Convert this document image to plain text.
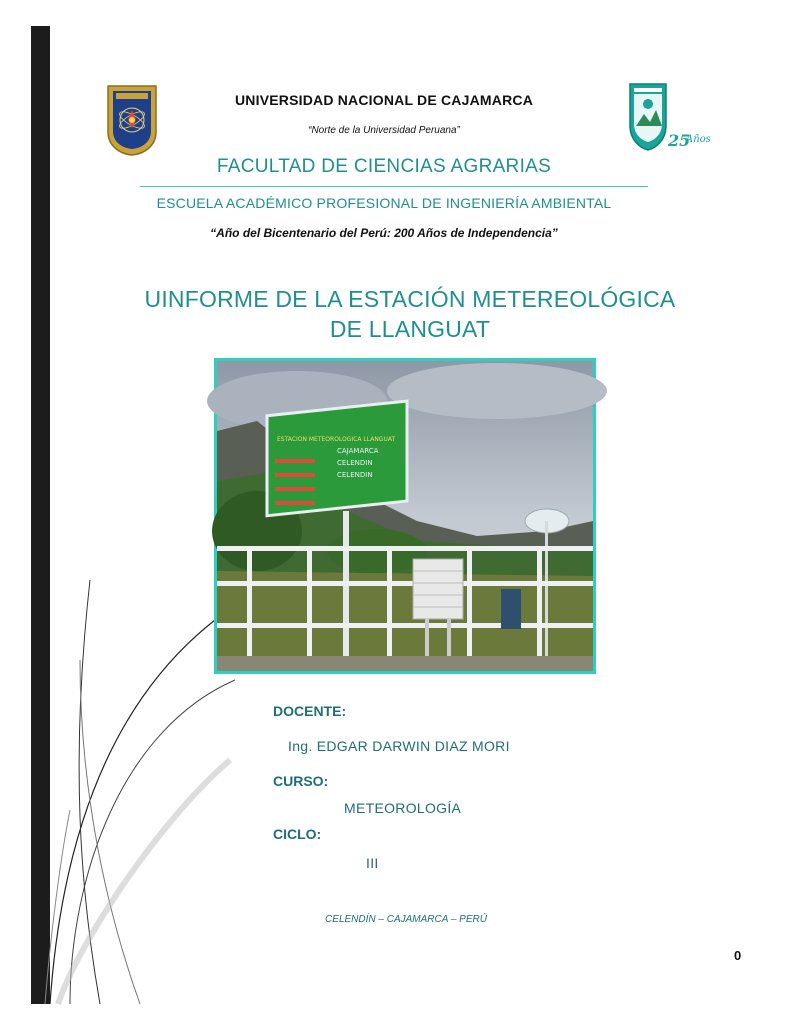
25
Años
UNIVERSIDAD NACIONAL DE CAJAMARCA
“Norte de la Universidad Peruana”
FACULTAD DE CIENCIAS AGRARIAS
ESCUELA ACADÉMICO PROFESIONAL DE INGENIERÍA AMBIENTAL
“Año del Bicentenario del Perú: 200 Años de Independencia”
UINFORME DE LA ESTACIÓN METEREOLÓGICA
DE LLANGUAT
ESTACION METEOROLOGICA LLANGUAT
CAJAMARCA
CELENDIN
CELENDIN
DOCENTE:
Ing. EDGAR DARWIN DIAZ MORI
CURSO:
METEOROLOGÍA
CICLO:
III
CELENDÍN – CAJAMARCA – PERÚ
0
